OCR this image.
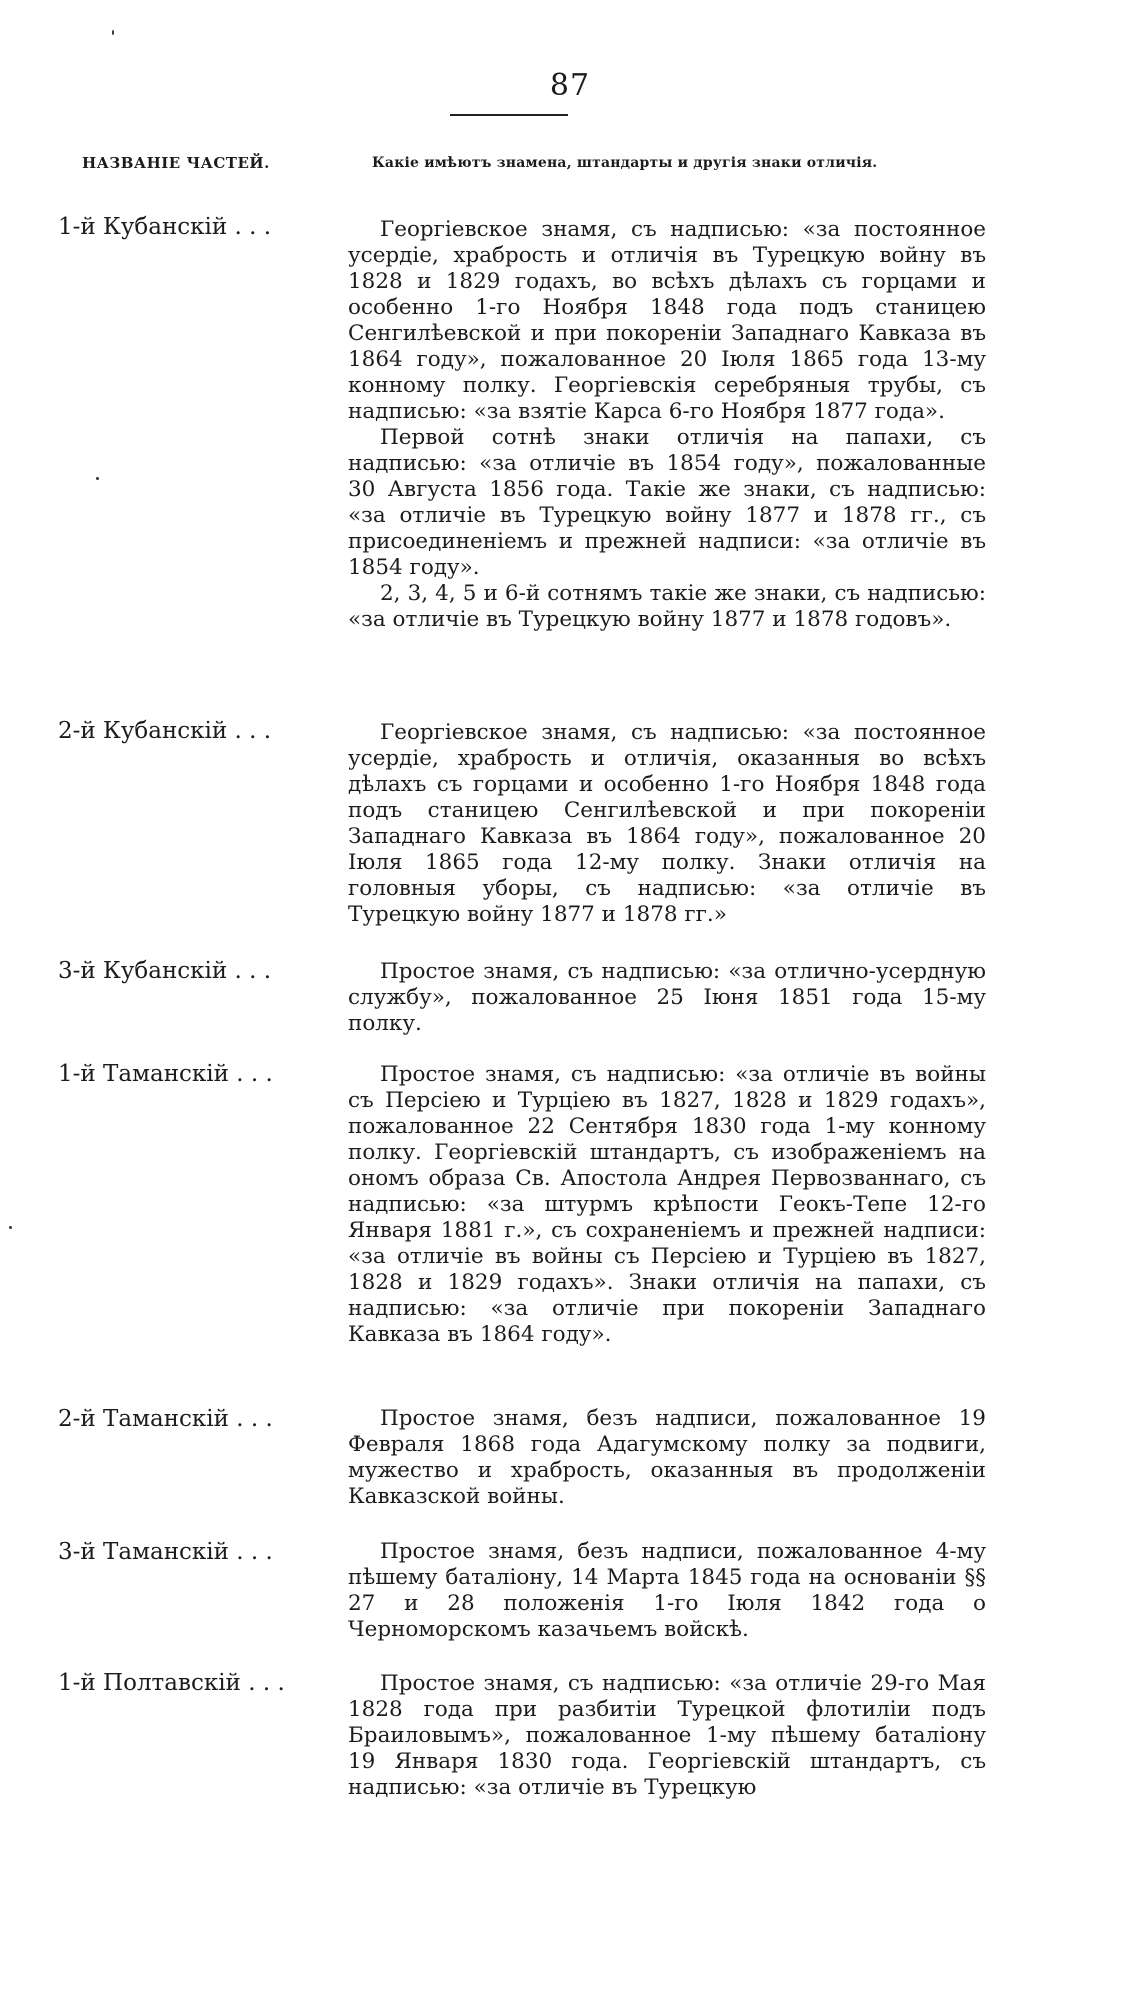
87
НАЗВАНІЕ ЧАСТЕЙ.	Какіе имѣютъ знамена, штандарты и другія знаки отличія.
1-й Кубанскій . . .	Георгіевское знамя, съ надписью: «за постоянное усердіе, храбрость и отличія въ Турецкую войну въ 1828 и 1829 годахъ, во всѣхъ дѣлахъ съ горцами и особенно 1-го Ноября 1848 года подъ станицею Сенгилѣевской и при покореніи Западнаго Кавказа въ 1864 году», пожалованное 20 Іюля 1865 года 13-му конному полку. Георгіевскія серебряныя трубы, съ надписью: «за взятіе Карса 6-го Ноября 1877 года».

Первой сотнѣ знаки отличія на папахи, съ надписью: «за отличіе въ 1854 году», пожалованные 30 Августа 1856 года. Такіе же знаки, съ надписью: «за отличіе въ Турецкую войну 1877 и 1878 гг., съ присоединеніемъ и прежней надписи: «за отличіе въ 1854 году».

2, 3, 4, 5 и 6-й сотнямъ такіе же знаки, съ надписью: «за отличіе въ Турецкую войну 1877 и 1878 годовъ».

2-й Кубанскій . . .	Георгіевское знамя, съ надписью: «за постоянное усердіе, храбрость и отличія, оказанныя во всѣхъ дѣлахъ съ горцами и особенно 1-го Ноября 1848 года подъ станицею Сенгилѣевской и при покореніи Западнаго Кавказа въ 1864 году», пожалованное 20 Іюля 1865 года 12-му полку. Знаки отличія на головныя уборы, съ надписью: «за отличіе въ Турецкую войну 1877 и 1878 гг.»

3-й Кубанскій . . .	Простое знамя, съ надписью: «за отлично-усердную службу», пожалованное 25 Іюня 1851 года 15-му полку.

1-й Таманскій . . .	Простое знамя, съ надписью: «за отличіе въ войны съ Персіею и Турціею въ 1827, 1828 и 1829 годахъ», пожалованное 22 Сентября 1830 года 1-му конному полку. Георгіевскій штандартъ, съ изображеніемъ на ономъ образа Св. Апостола Андрея Первозваннаго, съ надписью: «за штурмъ крѣпости Геокъ-Тепе 12-го Января 1881 г.», съ сохраненіемъ и прежней надписи: «за отличіе въ войны съ Персіею и Турціею въ 1827, 1828 и 1829 годахъ». Знаки отличія на папахи, съ надписью: «за отличіе при покореніи Западнаго Кавказа въ 1864 году».

2-й Таманскій . . .	Простое знамя, безъ надписи, пожалованное 19 Февраля 1868 года Адагумскому полку за подвиги, мужество и храбрость, оказанныя въ продолженіи Кавказской войны.

3-й Таманскій . . .	Простое знамя, безъ надписи, пожалованное 4-му пѣшему баталіону, 14 Марта 1845 года на основаніи §§ 27 и 28 положенія 1-го Іюля 1842 года о Черноморскомъ казачьемъ войскѣ.

1-й Полтавскій . . .	Простое знамя, съ надписью: «за отличіе 29-го Мая 1828 года при разбитіи Турецкой флотиліи подъ Браиловымъ», пожалованное 1-му пѣшему баталіону 19 Января 1830 года. Георгіевскій штандартъ, съ надписью: «за отличіе въ Турецкую
